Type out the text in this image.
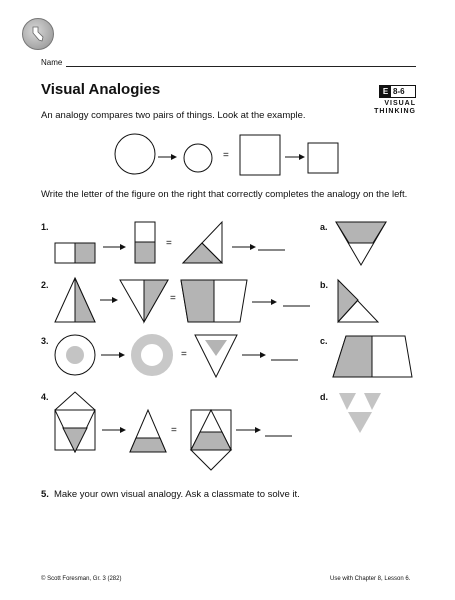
Name
Visual Analogies	E 8-6
VISUAL
THINKING
An analogy compares two pairs of things. Look at the example.
Write the letter of the figure on the right that correctly completes the analogy on the left.
1.
2.
3.
4.
a.
b.
c.
d.
=
=
=
=
=
5. Make your own visual analogy. Ask a classmate to solve it.
© Scott Foresman, Gr. 3 (282)	Use with Chapter 8, Lesson 6.
